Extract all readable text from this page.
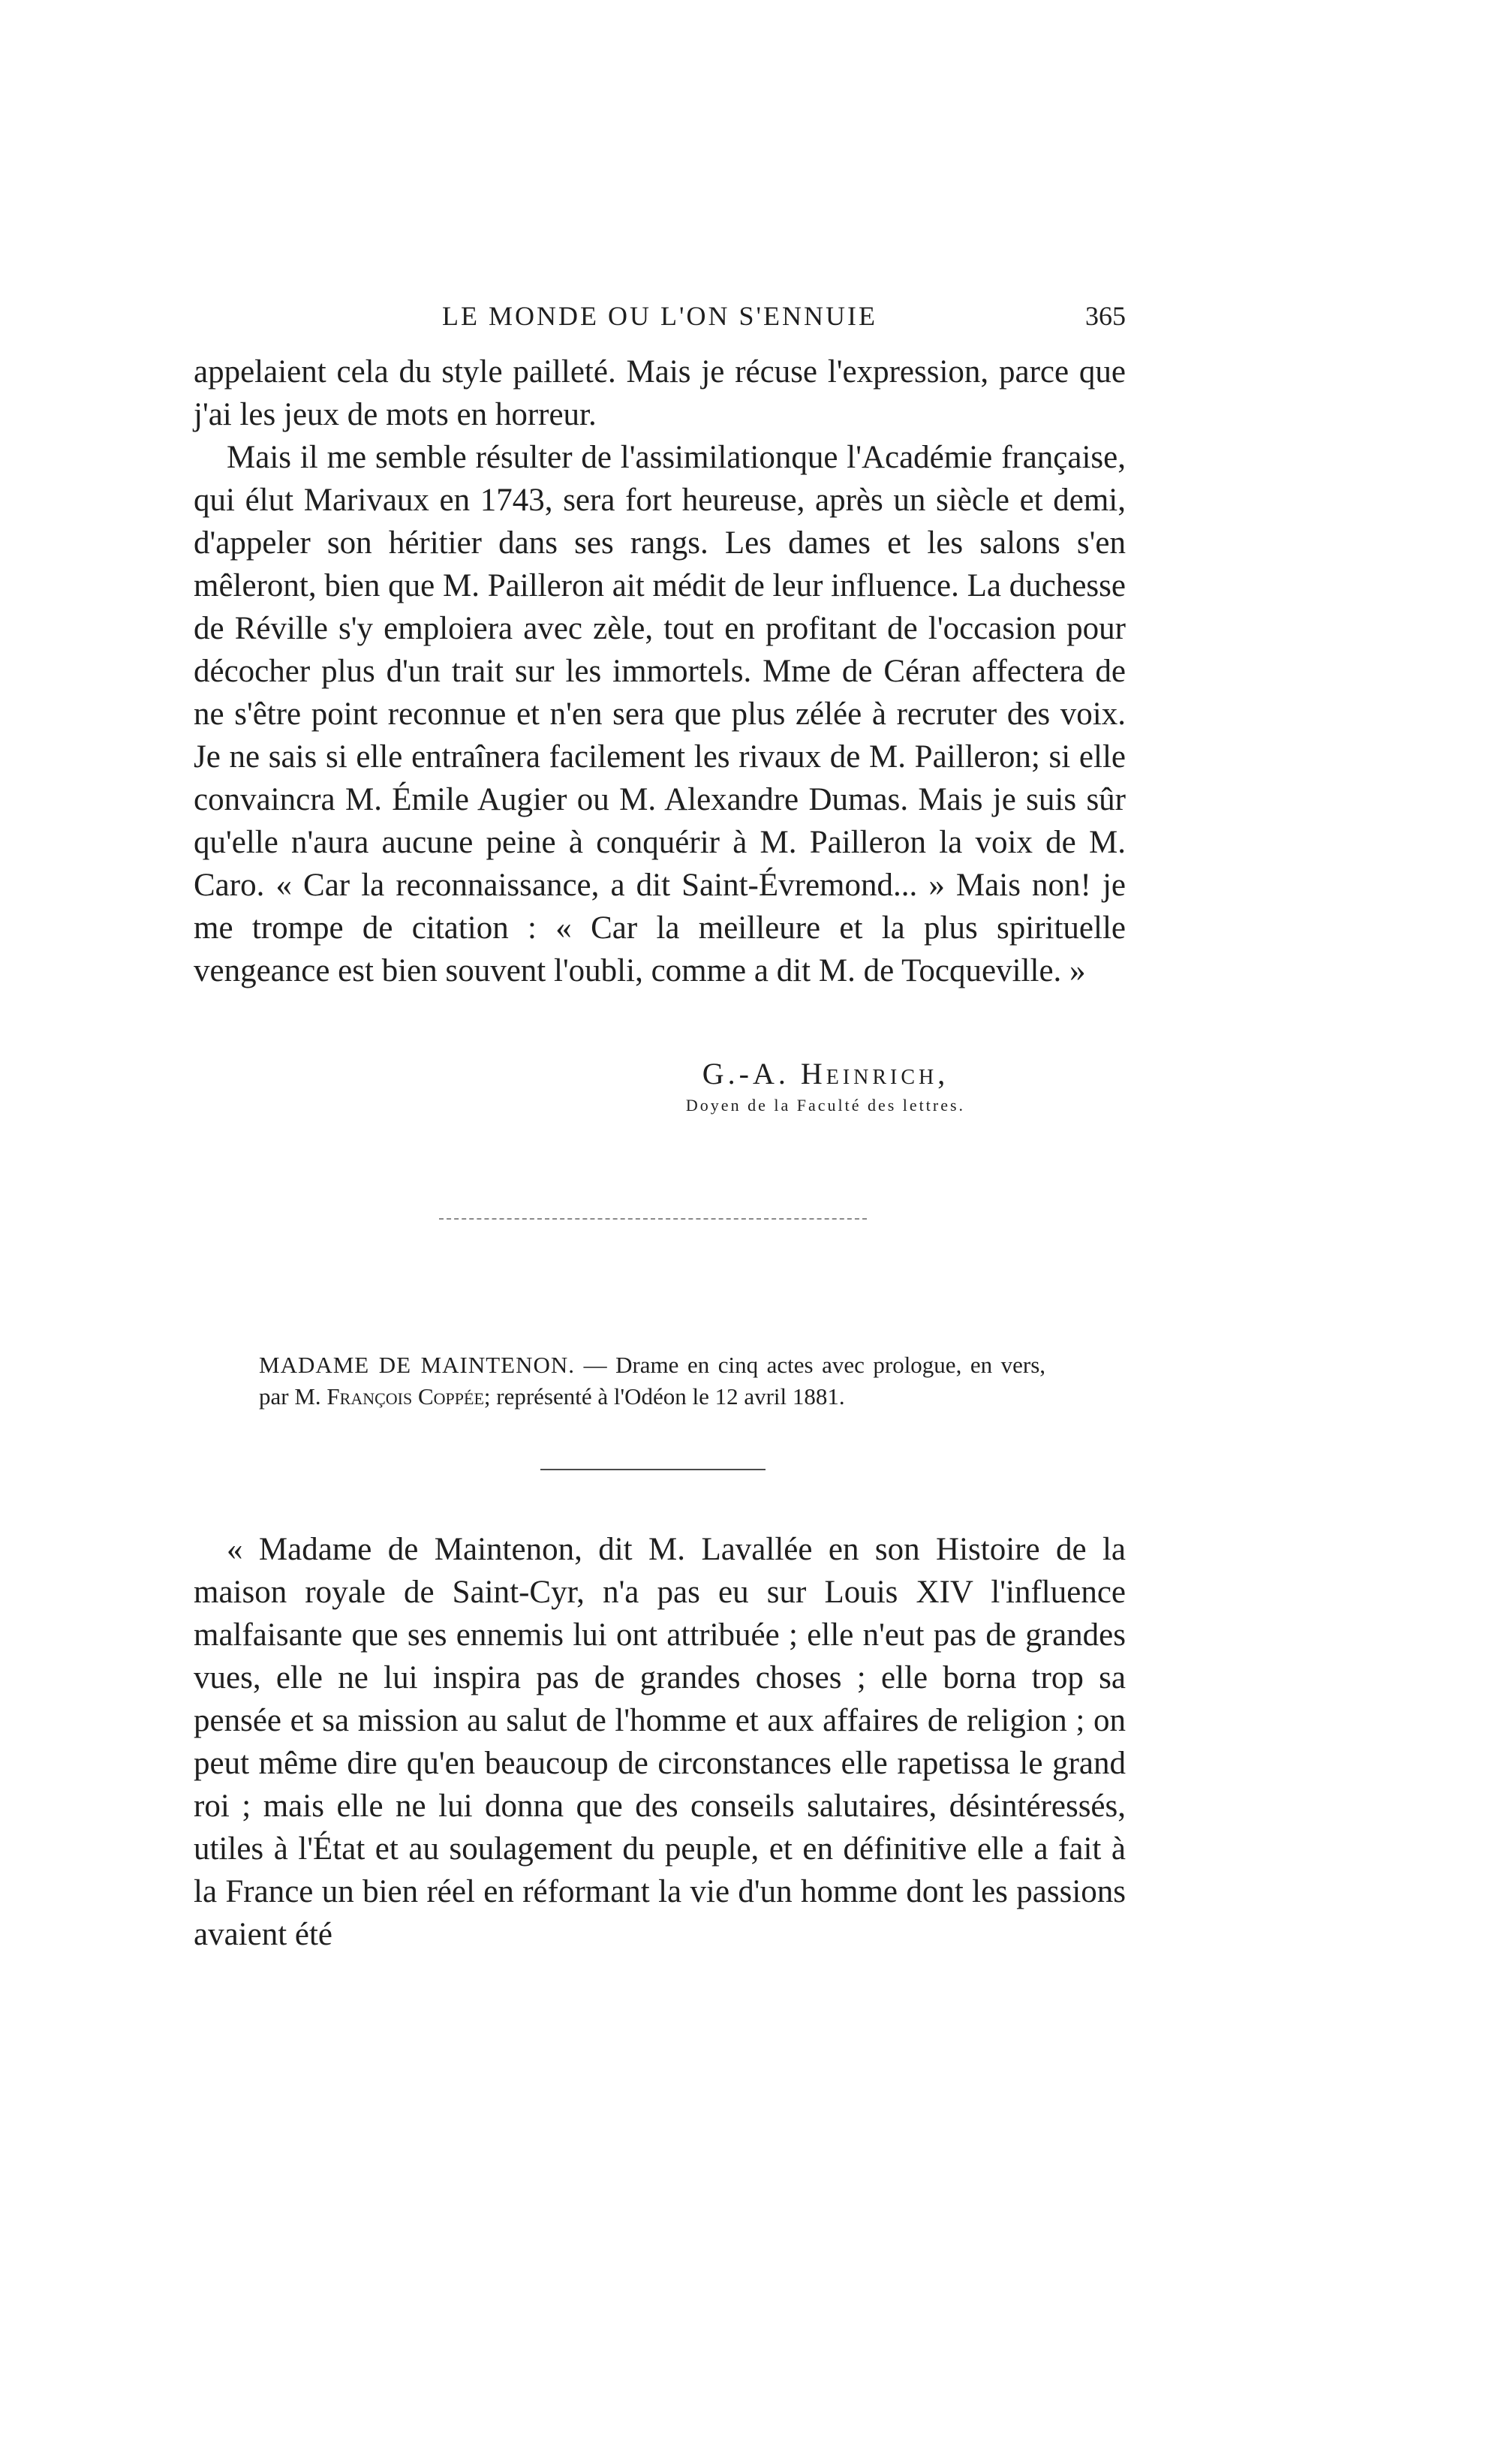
LE MONDE OU L'ON S'ENNUIE	365

appelaient cela du style pailleté. Mais je récuse l'expression, parce que j'ai les jeux de mots en horreur.

Mais il me semble résulter de l'assimilationque l'Académie française, qui élut Marivaux en 1743, sera fort heureuse, après un siècle et demi, d'appeler son héritier dans ses rangs. Les dames et les salons s'en mêleront, bien que M. Pailleron ait médit de leur influence. La duchesse de Réville s'y emploiera avec zèle, tout en profitant de l'occasion pour décocher plus d'un trait sur les immortels. Mme de Céran affectera de ne s'être point reconnue et n'en sera que plus zélée à recruter des voix. Je ne sais si elle entraînera facilement les rivaux de M. Pailleron; si elle convaincra M. Émile Augier ou M. Alexandre Dumas. Mais je suis sûr qu'elle n'aura aucune peine à conquérir à M. Pailleron la voix de M. Caro. « Car la reconnaissance, a dit Saint-Évremond... » Mais non! je me trompe de citation : « Car la meilleure et la plus spirituelle vengeance est bien souvent l'oubli, comme a dit M. de Tocqueville. »

G.-A. Heinrich,
Doyen de la Faculté des lettres.
MADAME DE MAINTENON. — Drame en cinq actes avec prologue, en vers, par M. François Coppée; représenté à l'Odéon le 12 avril 1881.

« Madame de Maintenon, dit M. Lavallée en son Histoire de la maison royale de Saint-Cyr, n'a pas eu sur Louis XIV l'influence malfaisante que ses ennemis lui ont attribuée ; elle n'eut pas de grandes vues, elle ne lui inspira pas de grandes choses ; elle borna trop sa pensée et sa mission au salut de l'homme et aux affaires de religion ; on peut même dire qu'en beaucoup de circonstances elle rapetissa le grand roi ; mais elle ne lui donna que des conseils salutaires, désintéressés, utiles à l'État et au soulagement du peuple, et en définitive elle a fait à la France un bien réel en réformant la vie d'un homme dont les passions avaient été
